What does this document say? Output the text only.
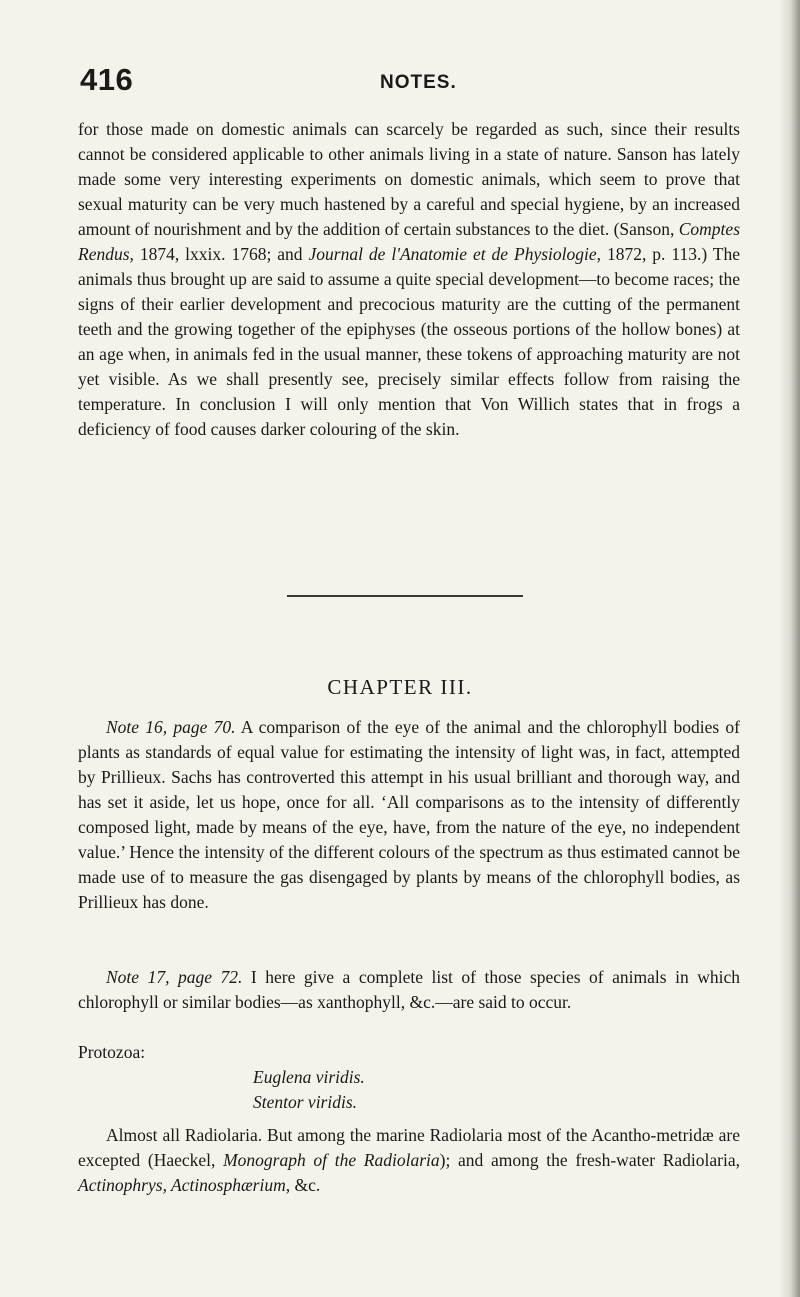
416	NOTES.

for those made on domestic animals can scarcely be regarded as such, since their results cannot be considered applicable to other animals living in a state of nature. Sanson has lately made some very interesting experiments on domestic animals, which seem to prove that sexual maturity can be very much hastened by a careful and special hygiene, by an increased amount of nourishment and by the addition of certain substances to the diet. (Sanson, Comptes Rendus, 1874, lxxix. 1768; and Journal de l'Anatomie et de Physiologie, 1872, p. 113.) The animals thus brought up are said to assume a quite special development—to become races; the signs of their earlier development and precocious maturity are the cutting of the permanent teeth and the growing together of the epiphyses (the osseous portions of the hollow bones) at an age when, in animals fed in the usual manner, these tokens of approaching maturity are not yet visible. As we shall presently see, precisely similar effects follow from raising the temperature. In conclusion I will only mention that Von Willich states that in frogs a deficiency of food causes darker colouring of the skin.

CHAPTER III.

Note 16, page 70. A comparison of the eye of the animal and the chlorophyll bodies of plants as standards of equal value for estimating the intensity of light was, in fact, attempted by Prillieux. Sachs has controverted this attempt in his usual brilliant and thorough way, and has set it aside, let us hope, once for all. ‘All comparisons as to the intensity of differently composed light, made by means of the eye, have, from the nature of the eye, no independent value.’ Hence the intensity of the different colours of the spectrum as thus estimated cannot be made use of to measure the gas disengaged by plants by means of the chlorophyll bodies, as Prillieux has done.

Note 17, page 72. I here give a complete list of those species of animals in which chlorophyll or similar bodies—as xanthophyll, &c.—are said to occur.

Protozoa:
Euglena viridis.
Stentor viridis.

Almost all Radiolaria. But among the marine Radiolaria most of the Acantho-metridæ are excepted (Haeckel, Monograph of the Radiolaria); and among the fresh-water Radiolaria, Actinophrys, Actinosphærium, &c.
